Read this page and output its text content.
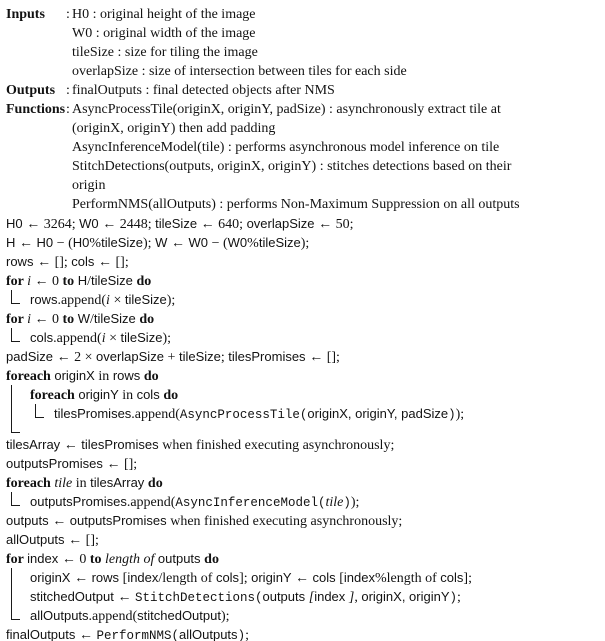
Inputs	: H0 : original height of the image
W0 : original width of the image
tileSize : size for tiling the image
overlapSize : size of intersection between tiles for each side
Outputs : finalOutputs : final detected objects after NMS
Functions : AsyncProcessTile(originX, originY, padSize) : asynchronously extract tile at
(originX, originY) then add padding
AsyncInferenceModel(tile) : performs asynchronous model inference on tile
StitchDetections(outputs, originX, originY) : stitches detections based on their
origin
PerformNMS(allOutputs) : performs Non-Maximum Suppression on all outputs
H0 ← 3264; W0 ← 2448; tileSize ← 640; overlapSize ← 50;
H ← H0 − (H0%tileSize); W ← W0 − (W0%tileSize);
rows ← []; cols ← [];
for i ← 0 to H/tileSize do
rows.append(i × tileSize);
for i ← 0 to W/tileSize do
cols.append(i × tileSize);
padSize ← 2 × overlapSize + tileSize; tilesPromises ← [];
foreach originX in rows do
foreach originY in cols do
tilesPromises.append(AsyncProcessTile(originX, originY, padSize));
tilesArray ← tilesPromises when finished executing asynchronously;
outputsPromises ← [];
foreach tile in tilesArray do
outputsPromises.append(AsyncInferenceModel(tile));
outputs ← outputsPromises when finished executing asynchronously;
allOutputs ← [];
for index ← 0 to length of outputs do
originX ← rows [index/length of cols]; originY ← cols [index%length of cols];
stitchedOutput ← StitchDetections(outputs [index ], originX, originY);
allOutputs.append(stitchedOutput);
finalOutputs ← PerformNMS(allOutputs);
